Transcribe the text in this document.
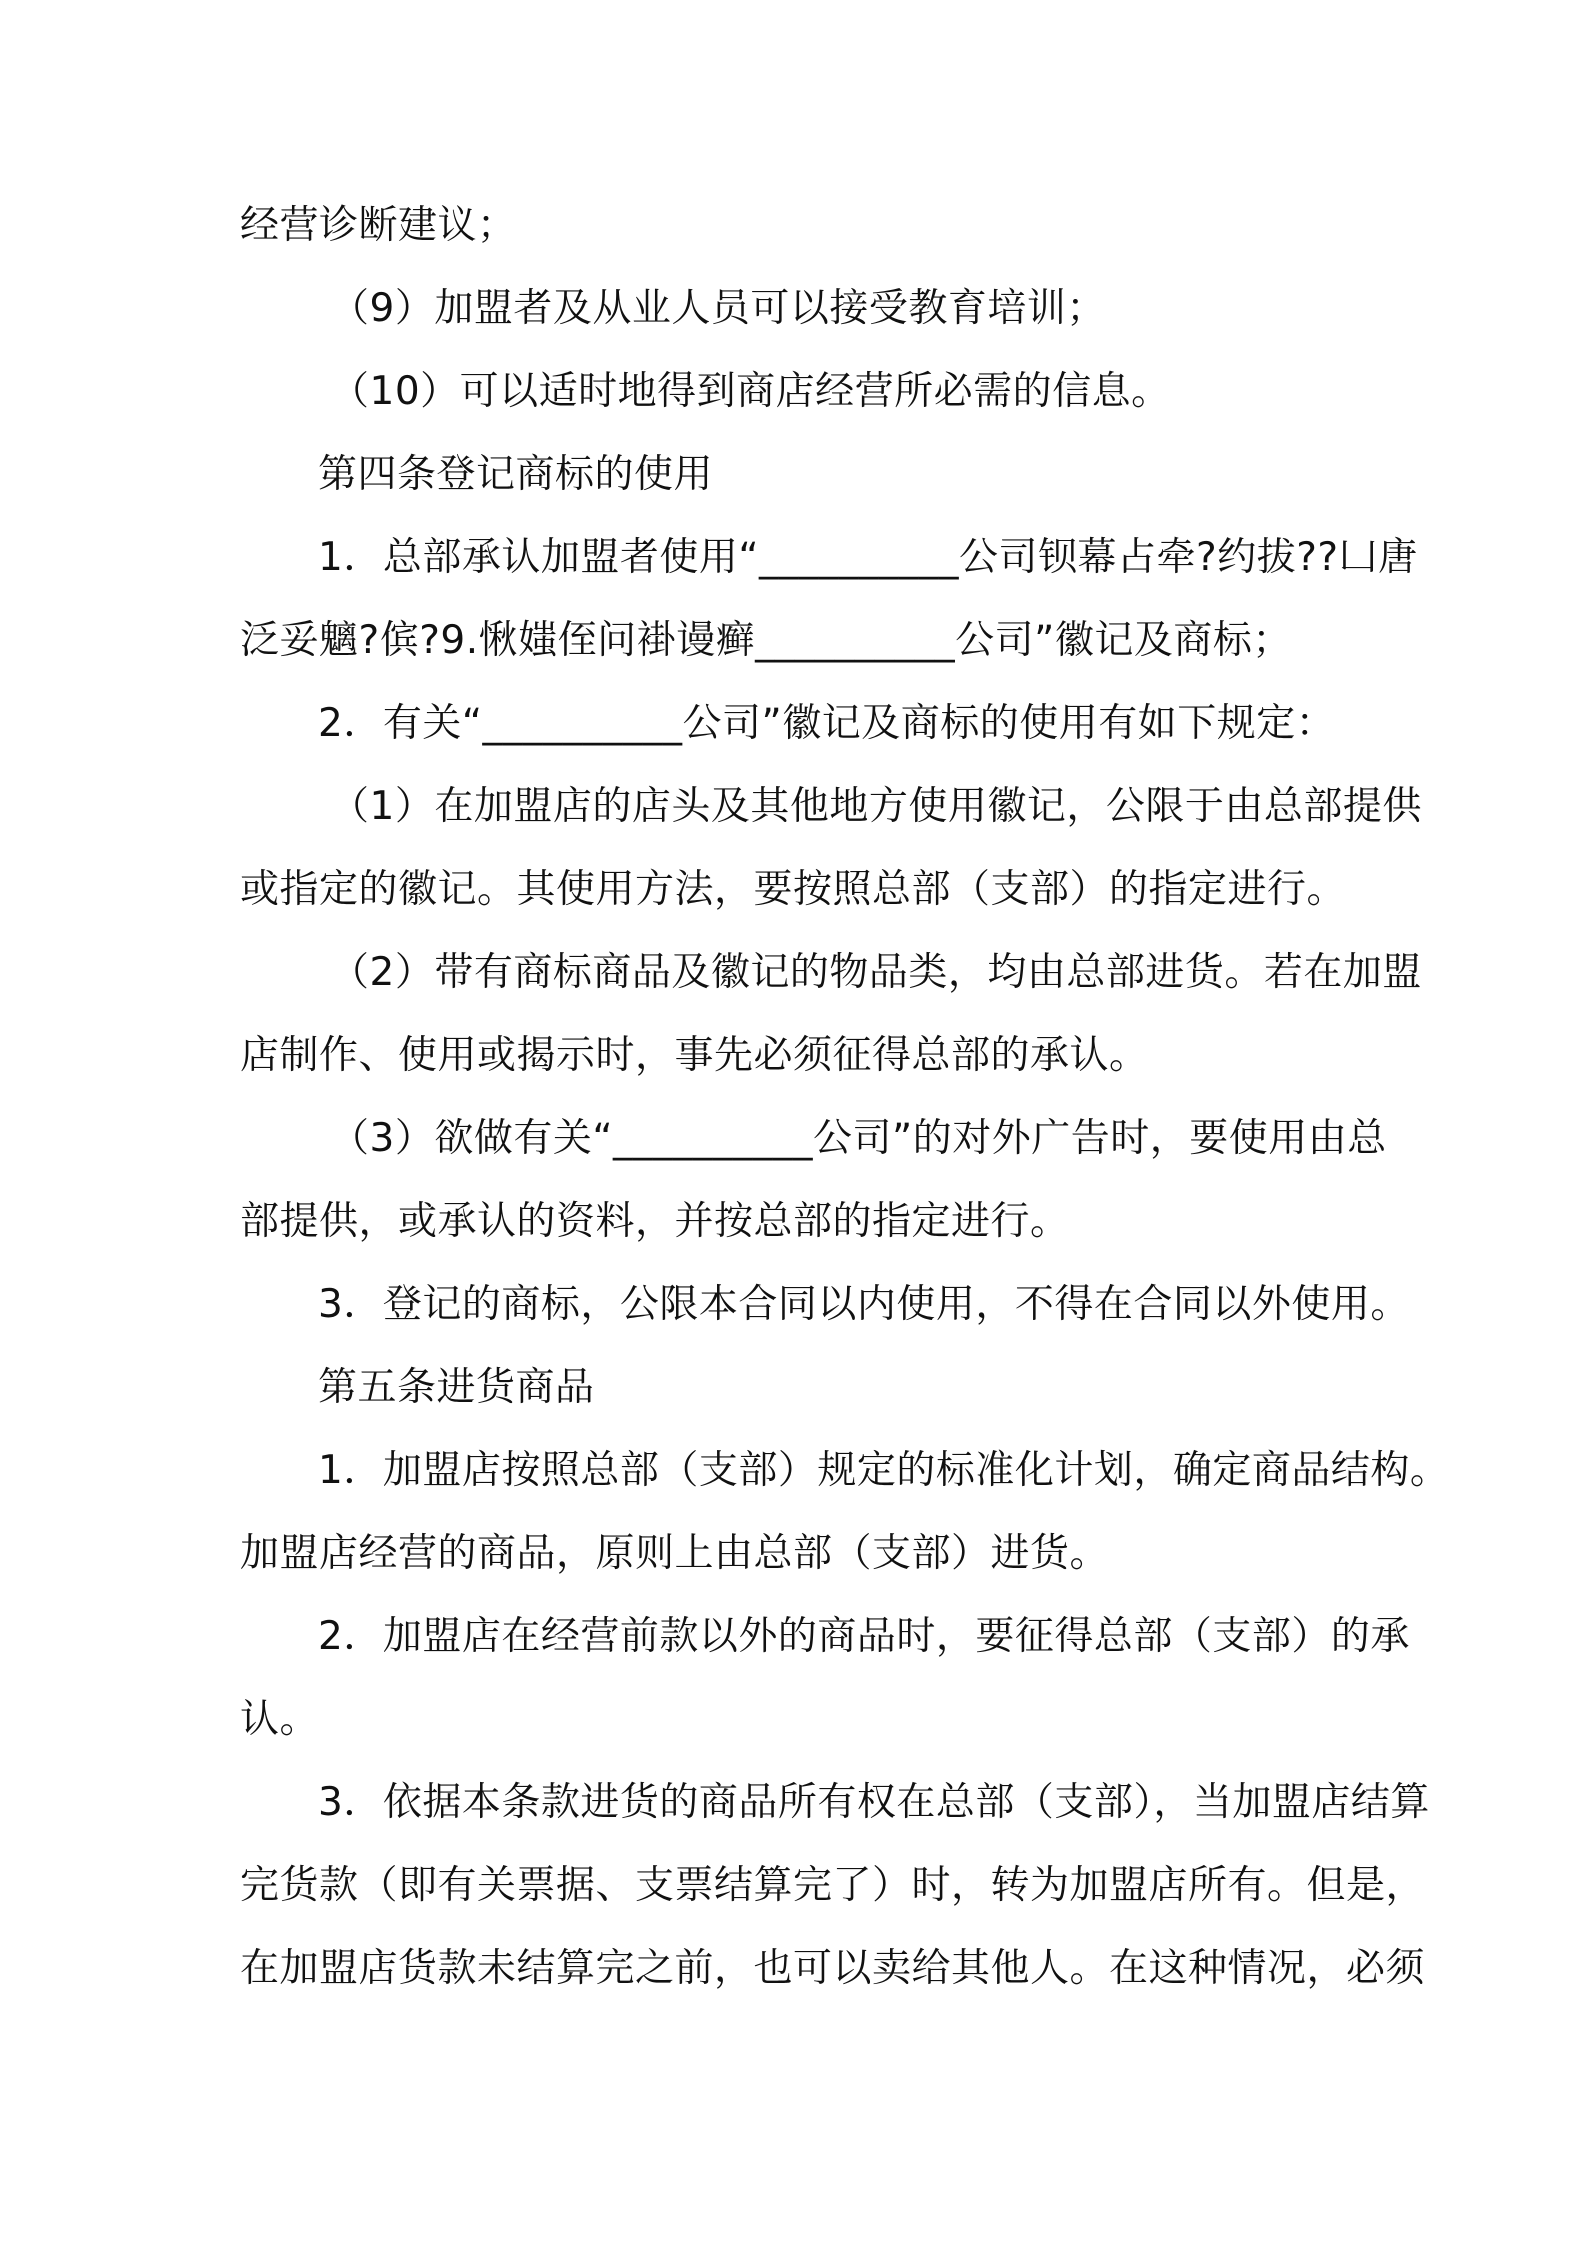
经营诊断建议；
（9）加盟者及从业人员可以接受教育培训；
（10）可以适时地得到商店经营所必需的信息。
第四条登记商标的使用
1．总部承认加盟者使用“__________公司钡幕占牵?约拔??凵唐
泛妥魑?傧?9.愀媸侄问褂谩癣__________公司”徽记及商标；
2．有关“__________公司”徽记及商标的使用有如下规定：
（1）在加盟店的店头及其他地方使用徽记，公限于由总部提供
或指定的徽记。其使用方法，要按照总部（支部）的指定进行。
（2）带有商标商品及徽记的物品类，均由总部进货。若在加盟
店制作、使用或揭示时，事先必须征得总部的承认。
（3）欲做有关“__________公司”的对外广告时，要使用由总
部提供，或承认的资料，并按总部的指定进行。
3．登记的商标，公限本合同以内使用，不得在合同以外使用。
第五条进货商品
1．加盟店按照总部（支部）规定的标准化计划，确定商品结构。
加盟店经营的商品，原则上由总部（支部）进货。
2．加盟店在经营前款以外的商品时，要征得总部（支部）的承
认。
3．依据本条款进货的商品所有权在总部（支部），当加盟店结算
完货款（即有关票据、支票结算完了）时，转为加盟店所有。但是，
在加盟店货款未结算完之前，也可以卖给其他人。在这种情况，必须
